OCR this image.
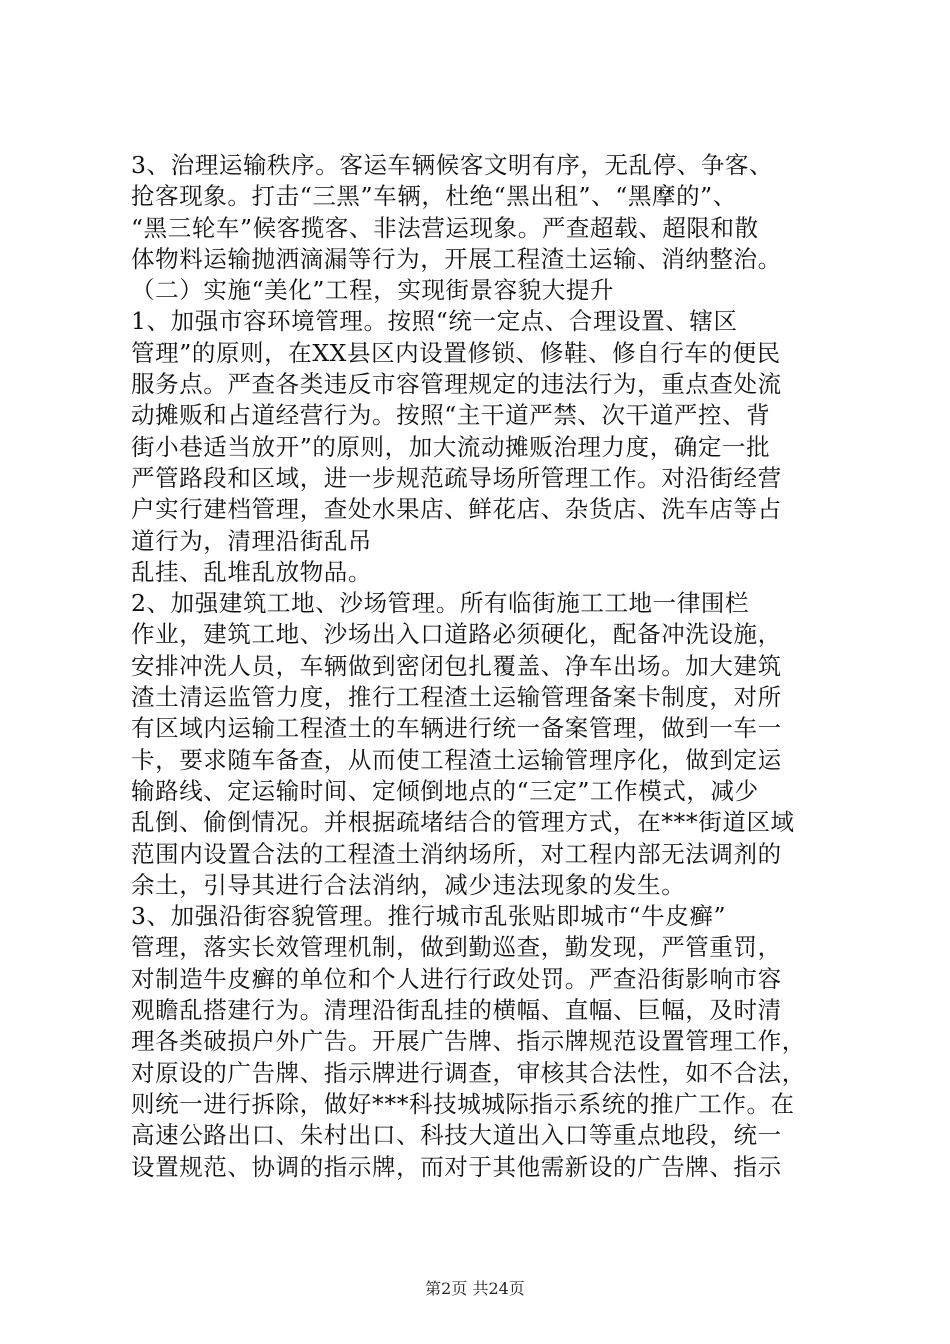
3、治理运输秩序。客运车辆候客文明有序，无乱停、争客、
抢客现象。打击“三黑”车辆，杜绝“黑出租”、“黑摩的”、
“黑三轮车”候客揽客、非法营运现象。严查超载、超限和散
体物料运输抛洒滴漏等行为，开展工程渣土运输、消纳整治。
（二）实施“美化”工程，实现街景容貌大提升
1、加强市容环境管理。按照“统一定点、合理设置、辖区
管理”的原则，在XX县区内设置修锁、修鞋、修自行车的便民
服务点。严查各类违反市容管理规定的违法行为，重点查处流
动摊贩和占道经营行为。按照“主干道严禁、次干道严控、背
街小巷适当放开”的原则，加大流动摊贩治理力度，确定一批
严管路段和区域，进一步规范疏导场所管理工作。对沿街经营
户实行建档管理，查处水果店、鲜花店、杂货店、洗车店等占
道行为，清理沿街乱吊
乱挂、乱堆乱放物品。
2、加强建筑工地、沙场管理。所有临街施工工地一律围栏
作业，建筑工地、沙场出入口道路必须硬化，配备冲洗设施，
安排冲洗人员，车辆做到密闭包扎覆盖、净车出场。加大建筑
渣土清运监管力度，推行工程渣土运输管理备案卡制度，对所
有区域内运输工程渣土的车辆进行统一备案管理，做到一车一
卡，要求随车备查，从而使工程渣土运输管理序化，做到定运
输路线、定运输时间、定倾倒地点的“三定”工作模式，减少
乱倒、偷倒情况。并根据疏堵结合的管理方式，在***街道区域
范围内设置合法的工程渣土消纳场所，对工程内部无法调剂的
余土，引导其进行合法消纳，减少违法现象的发生。
3、加强沿街容貌管理。推行城市乱张贴即城市“牛皮癣”
管理，落实长效管理机制，做到勤巡查，勤发现，严管重罚，
对制造牛皮癣的单位和个人进行行政处罚。严查沿街影响市容
观瞻乱搭建行为。清理沿街乱挂的横幅、直幅、巨幅，及时清
理各类破损户外广告。开展广告牌、指示牌规范设置管理工作，
对原设的广告牌、指示牌进行调查，审核其合法性，如不合法，
则统一进行拆除，做好***科技城城际指示系统的推广工作。在
高速公路出口、朱村出口、科技大道出入口等重点地段，统一
设置规范、协调的指示牌，而对于其他需新设的广告牌、指示
第2页 共24页
